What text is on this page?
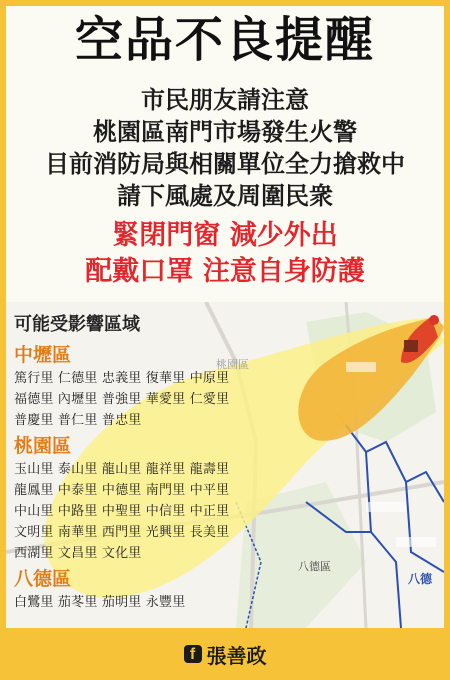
空品不良提醒
市民朋友請注意
桃園區南門市場發生火警
目前消防局與相關單位全力搶救中
請下風處及周圍民衆
緊閉門窗 減少外出
配戴口罩 注意自身防護
桃園區
八德區
八德
可能受影響區域
中壢區
篤行里 仁德里 忠義里 復華里 中原里
福德里 內壢里 普強里 華愛里 仁愛里
普慶里 普仁里 普忠里
桃園區
玉山里 泰山里 龍山里 龍祥里 龍壽里
龍鳳里 中泰里 中德里 南門里 中平里
中山里 中路里 中聖里 中信里 中正里
文明里 南華里 西門里 光興里 長美里
西湖里 文昌里 文化里
八德區
白鷺里 茄苳里 茄明里 永豐里
f 張善政
